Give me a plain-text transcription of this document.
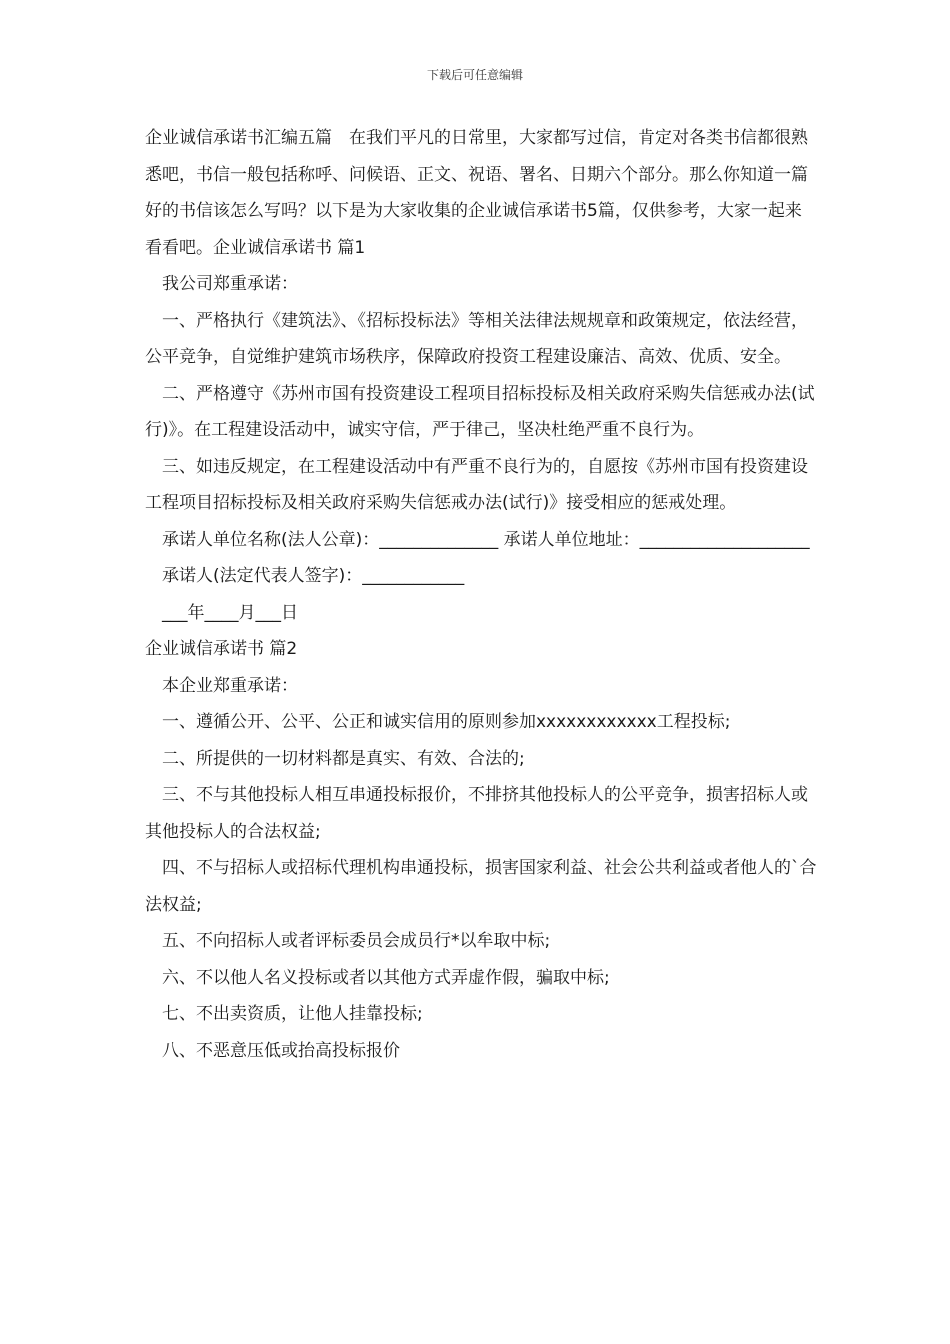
下载后可任意编辑

企业诚信承诺书汇编五篇　在我们平凡的日常里，大家都写过信，肯定对各类书信都很熟悉吧，书信一般包括称呼、问候语、正文、祝语、署名、日期六个部分。那么你知道一篇好的书信该怎么写吗？以下是为大家收集的企业诚信承诺书5篇，仅供参考，大家一起来看看吧。企业诚信承诺书 篇1

我公司郑重承诺：

一、严格执行《建筑法》、《招标投标法》等相关法律法规规章和政策规定，依法经营，公平竞争，自觉维护建筑市场秩序，保障政府投资工程建设廉洁、高效、优质、安全。

二、严格遵守《苏州市国有投资建设工程项目招标投标及相关政府采购失信惩戒办法(试行)》。在工程建设活动中，诚实守信，严于律己，坚决杜绝严重不良行为。

三、如违反规定，在工程建设活动中有严重不良行为的，自愿按《苏州市国有投资建设工程项目招标投标及相关政府采购失信惩戒办法(试行)》接受相应的惩戒处理。

承诺人单位名称(法人公章)：______________ 承诺人单位地址：____________________

承诺人(法定代表人签字)：____________

___年____月___日

企业诚信承诺书 篇2

本企业郑重承诺：

一、遵循公开、公平、公正和诚实信用的原则参加xxxxxxxxxxxx工程投标;

二、所提供的一切材料都是真实、有效、合法的;

三、不与其他投标人相互串通投标报价，不排挤其他投标人的公平竞争，损害招标人或其他投标人的合法权益;

四、不与招标人或招标代理机构串通投标，损害国家利益、社会公共利益或者他人的`合法权益;

五、不向招标人或者评标委员会成员行*以牟取中标;

六、不以他人名义投标或者以其他方式弄虚作假，骗取中标;

七、不出卖资质，让他人挂靠投标;

八、不恶意压低或抬高投标报价
